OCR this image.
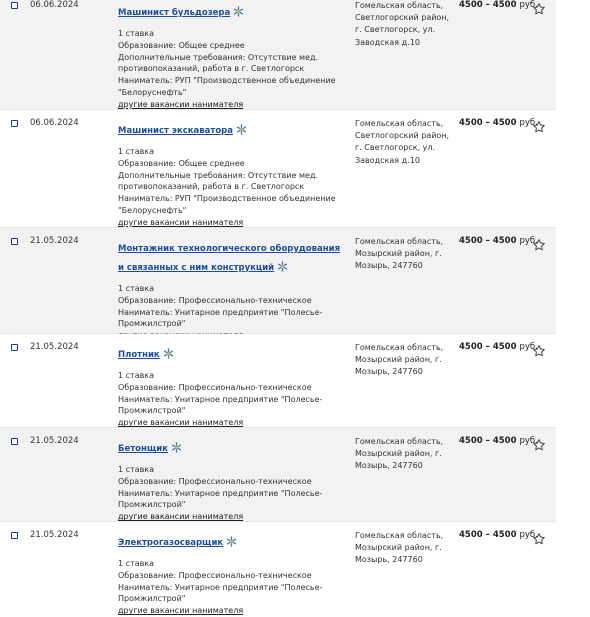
06.06.2024
Машинист бульдозера
1 ставка
Образование: Общее среднее
Дополнительные требования: Отсутствие мед. противопоказаний, работа в г. Светлогорск
Наниматель: РУП "Производственное объединение "Белоруснефть"
другие вакансии нанимателя
Гомельская область, Светлогорский район, г. Светлогорск, ул. Заводская д.10
4500 – 4500 руб.
06.06.2024
Машинист экскаватора
1 ставка
Образование: Общее среднее
Дополнительные требования: Отсутствие мед. противопоказаний, работа в г. Светлогорск
Наниматель: РУП "Производственное объединение "Белоруснефть"
другие вакансии нанимателя
Гомельская область, Светлогорский район, г. Светлогорск, ул. Заводская д.10
4500 – 4500 руб.
21.05.2024
Монтажник технологического оборудования и связанных с ним конструкций
1 ставка
Образование: Профессионально-техническое
Наниматель: Унитарное предприятие "Полесье-Промжилстрой"
Гомельская область, Мозырский район, г. Мозырь, 247760
4500 – 4500 руб.
21.05.2024
Плотник
1 ставка
Образование: Профессионально-техническое
Наниматель: Унитарное предприятие "Полесье-Промжилстрой"
другие вакансии нанимателя
Гомельская область, Мозырский район, г. Мозырь, 247760
4500 – 4500 руб.
21.05.2024
Бетонщик
1 ставка
Образование: Профессионально-техническое
Наниматель: Унитарное предприятие "Полесье-Промжилстрой"
другие вакансии нанимателя
Гомельская область, Мозырский район, г. Мозырь, 247760
4500 – 4500 руб.
21.05.2024
Электрогазосварщик
1 ставка
Образование: Профессионально-техническое
Наниматель: Унитарное предприятие "Полесье-Промжилстрой"
другие вакансии нанимателя
Гомельская область, Мозырский район, г. Мозырь, 247760
4500 – 4500 руб.
